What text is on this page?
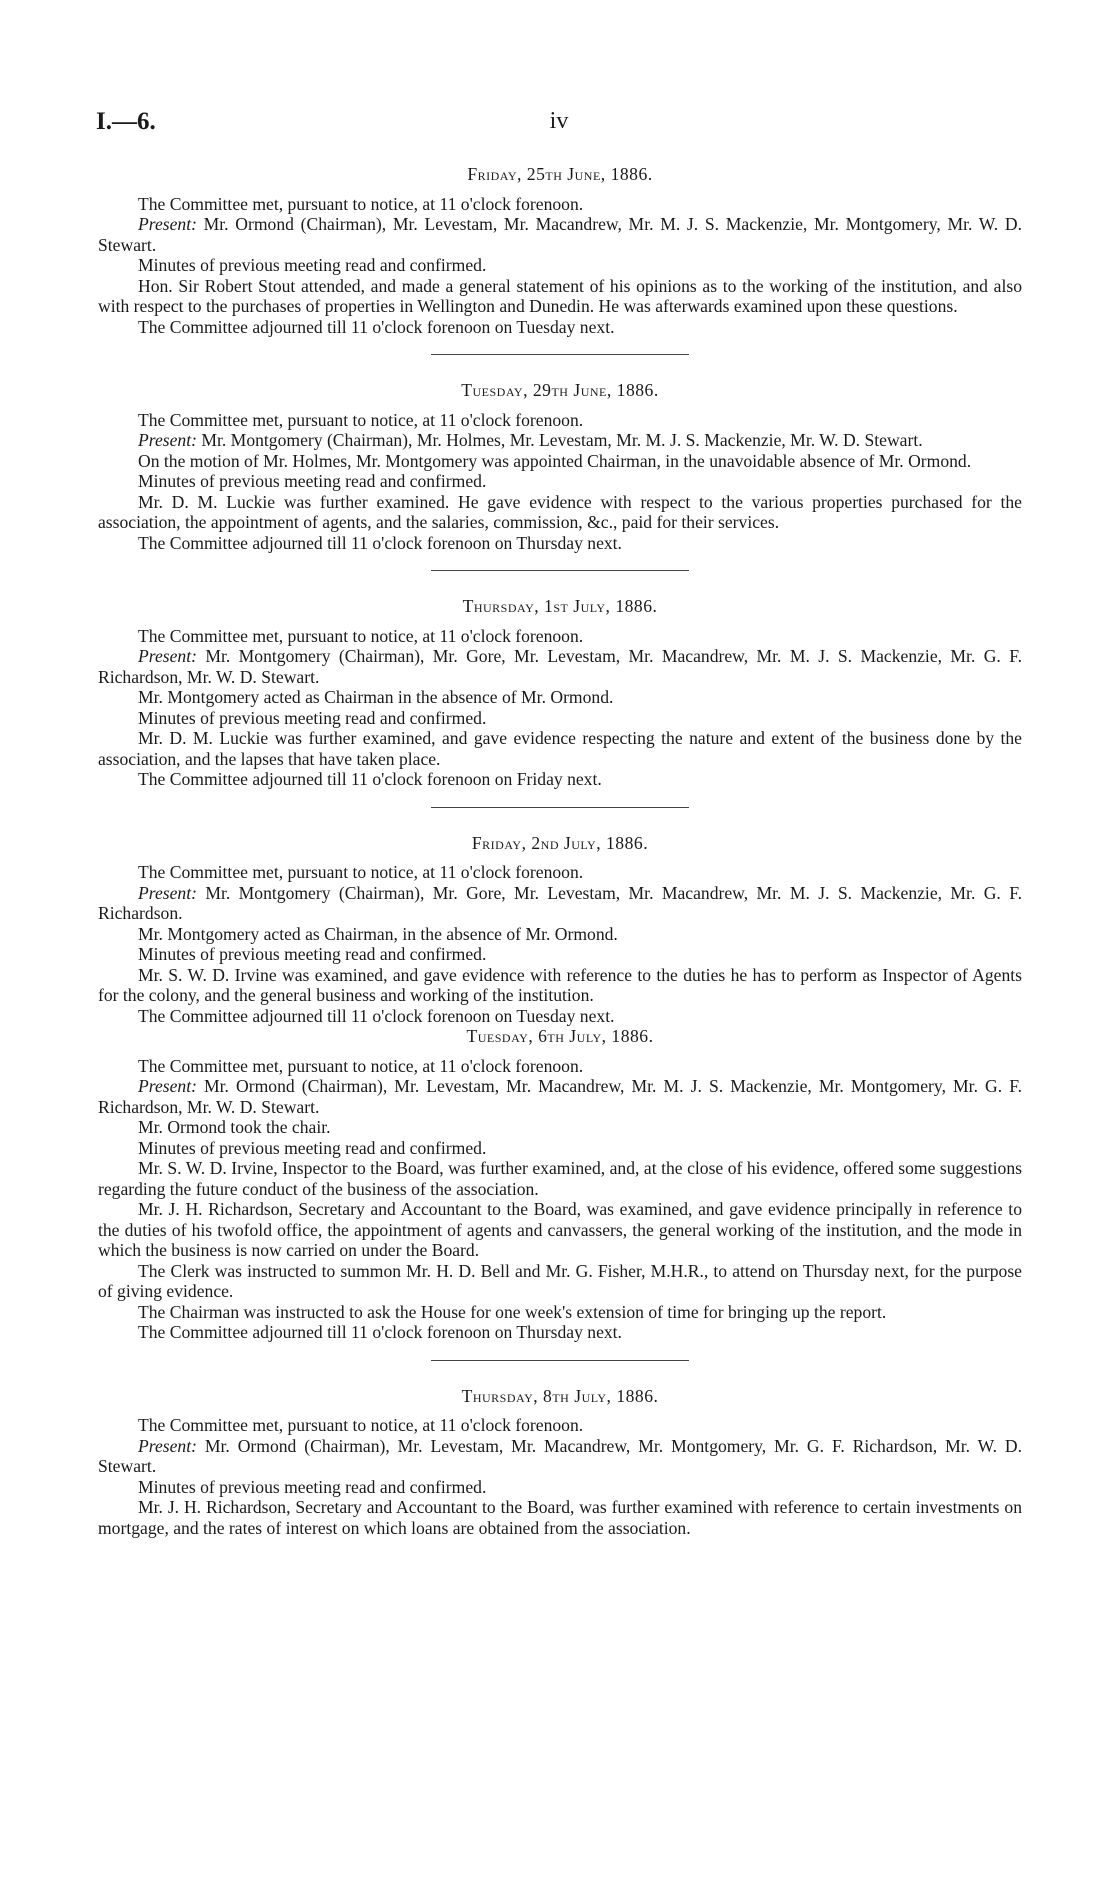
I.—6.	iv
Friday, 25th June, 1886.

The Committee met, pursuant to notice, at 11 o'clock forenoon.

Present: Mr. Ormond (Chairman), Mr. Levestam, Mr. Macandrew, Mr. M. J. S. Mackenzie, Mr. Montgomery, Mr. W. D. Stewart.

Minutes of previous meeting read and confirmed.

Hon. Sir Robert Stout attended, and made a general statement of his opinions as to the working of the institution, and also with respect to the purchases of properties in Wellington and Dunedin. He was afterwards examined upon these questions.

The Committee adjourned till 11 o'clock forenoon on Tuesday next.

Tuesday, 29th June, 1886.

The Committee met, pursuant to notice, at 11 o'clock forenoon.

Present: Mr. Montgomery (Chairman), Mr. Holmes, Mr. Levestam, Mr. M. J. S. Mackenzie, Mr. W. D. Stewart.

On the motion of Mr. Holmes, Mr. Montgomery was appointed Chairman, in the unavoidable absence of Mr. Ormond.

Minutes of previous meeting read and confirmed.

Mr. D. M. Luckie was further examined. He gave evidence with respect to the various properties purchased for the association, the appointment of agents, and the salaries, commission, &c., paid for their services.

The Committee adjourned till 11 o'clock forenoon on Thursday next.

Thursday, 1st July, 1886.

The Committee met, pursuant to notice, at 11 o'clock forenoon.

Present: Mr. Montgomery (Chairman), Mr. Gore, Mr. Levestam, Mr. Macandrew, Mr. M. J. S. Mackenzie, Mr. G. F. Richardson, Mr. W. D. Stewart.

Mr. Montgomery acted as Chairman in the absence of Mr. Ormond.

Minutes of previous meeting read and confirmed.

Mr. D. M. Luckie was further examined, and gave evidence respecting the nature and extent of the business done by the association, and the lapses that have taken place.

The Committee adjourned till 11 o'clock forenoon on Friday next.

Friday, 2nd July, 1886.

The Committee met, pursuant to notice, at 11 o'clock forenoon.

Present: Mr. Montgomery (Chairman), Mr. Gore, Mr. Levestam, Mr. Macandrew, Mr. M. J. S. Mackenzie, Mr. G. F. Richardson.

Mr. Montgomery acted as Chairman, in the absence of Mr. Ormond.

Minutes of previous meeting read and confirmed.

Mr. S. W. D. Irvine was examined, and gave evidence with reference to the duties he has to perform as Inspector of Agents for the colony, and the general business and working of the institution.

The Committee adjourned till 11 o'clock forenoon on Tuesday next.

Tuesday, 6th July, 1886.

The Committee met, pursuant to notice, at 11 o'clock forenoon.

Present: Mr. Ormond (Chairman), Mr. Levestam, Mr. Macandrew, Mr. M. J. S. Mackenzie, Mr. Montgomery, Mr. G. F. Richardson, Mr. W. D. Stewart.

Mr. Ormond took the chair.

Minutes of previous meeting read and confirmed.

Mr. S. W. D. Irvine, Inspector to the Board, was further examined, and, at the close of his evidence, offered some suggestions regarding the future conduct of the business of the association.

Mr. J. H. Richardson, Secretary and Accountant to the Board, was examined, and gave evidence principally in reference to the duties of his twofold office, the appointment of agents and canvassers, the general working of the institution, and the mode in which the business is now carried on under the Board.

The Clerk was instructed to summon Mr. H. D. Bell and Mr. G. Fisher, M.H.R., to attend on Thursday next, for the purpose of giving evidence.

The Chairman was instructed to ask the House for one week's extension of time for bringing up the report.

The Committee adjourned till 11 o'clock forenoon on Thursday next.

Thursday, 8th July, 1886.

The Committee met, pursuant to notice, at 11 o'clock forenoon.

Present: Mr. Ormond (Chairman), Mr. Levestam, Mr. Macandrew, Mr. Montgomery, Mr. G. F. Richardson, Mr. W. D. Stewart.

Minutes of previous meeting read and confirmed.

Mr. J. H. Richardson, Secretary and Accountant to the Board, was further examined with reference to certain investments on mortgage, and the rates of interest on which loans are obtained from the association.
